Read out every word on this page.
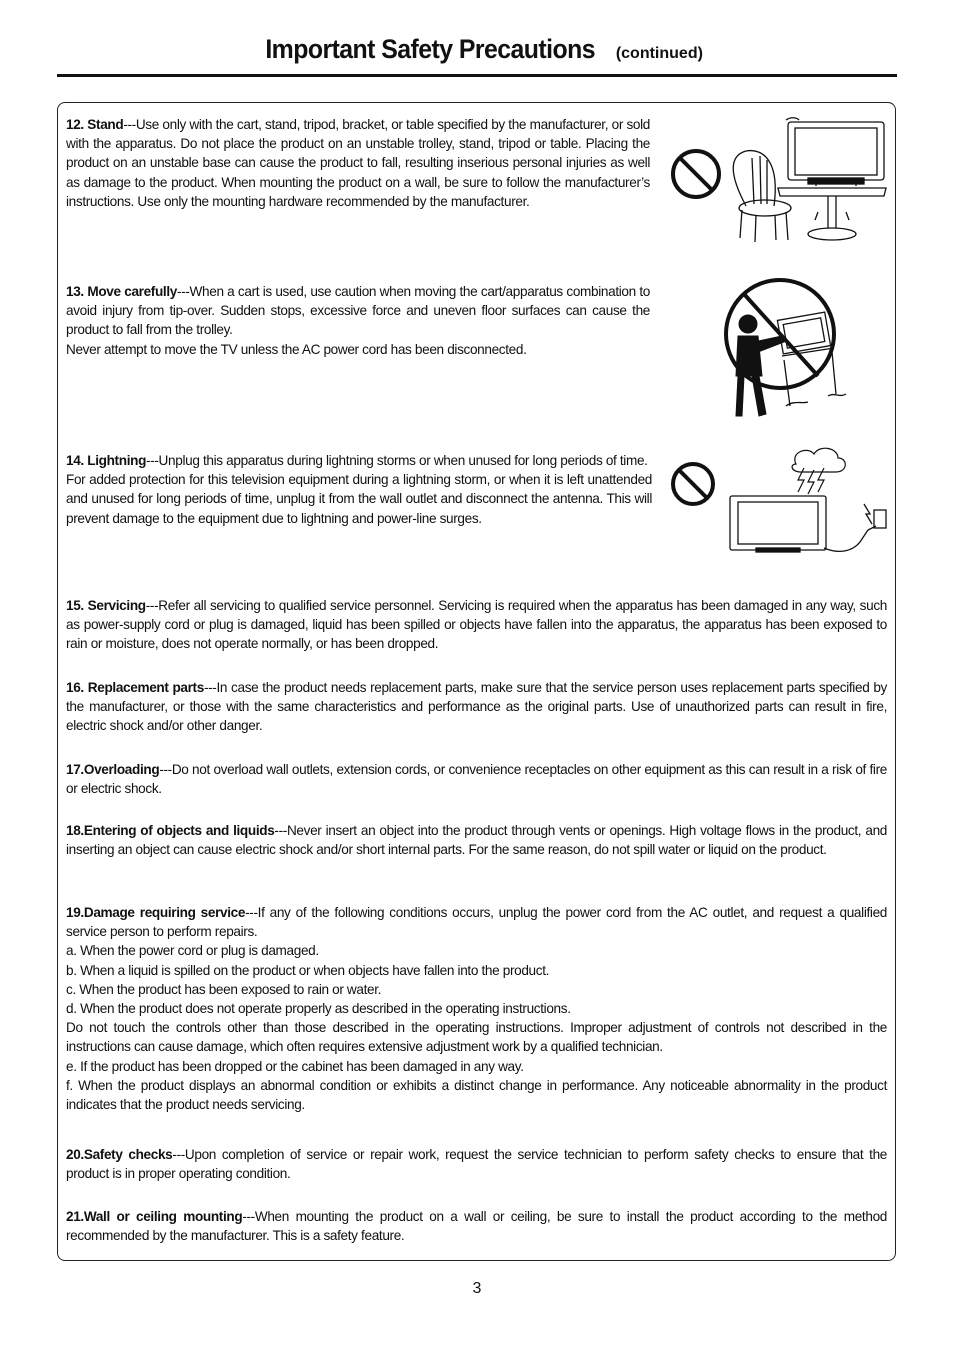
Important Safety Precautions (continued)

12. Stand---Use only with the cart, stand, tripod, bracket, or table specified by the manufacturer, or sold with the apparatus. Do not place the product on an unstable trolley, stand, tripod or table. Placing the product on an unstable base can cause the product to fall, resulting inserious personal injuries as well as damage to the product. When mounting the product on a wall, be sure to follow the manufacturer’s instructions. Use only the mounting hardware recommended by the manufacturer.

13. Move carefully---When a cart is used, use caution when moving the cart/apparatus combination to avoid injury from tip-over. Sudden stops, excessive force and uneven floor surfaces can cause the product to fall from the trolley.

Never attempt to move the TV unless the AC power cord has been disconnected.

14. Lightning---Unplug this apparatus during lightning storms or when unused for long periods of time.

For added protection for this television equipment during a lightning storm, or when it is left unattended and unused for long periods of time, unplug it from the wall outlet and disconnect the antenna. This will prevent damage to the equipment due to lightning and power-line surges.

15. Servicing---Refer all servicing to qualified service personnel. Servicing is required when the apparatus has been damaged in any way, such as power-supply cord or plug is damaged, liquid has been spilled or objects have fallen into the apparatus, the apparatus has been exposed to rain or moisture, does not operate normally, or has been dropped.

16. Replacement parts---In case the product needs replacement parts, make sure that the service person uses replacement parts specified by the manufacturer, or those with the same characteristics and performance as the original parts. Use of unauthorized parts can result in fire, electric shock and/or other danger.

17.Overloading---Do not overload wall outlets, extension cords, or convenience receptacles on other equipment as this can result in a risk of fire or electric shock.

18.Entering of objects and liquids---Never insert an object into the product through vents or openings. High voltage flows in the product, and inserting an object can cause electric shock and/or short internal parts. For the same reason, do not spill water or liquid on the product.

19.Damage requiring service---If any of the following conditions occurs, unplug the power cord from the AC outlet, and request a qualified service person to perform repairs.

a. When the power cord or plug is damaged.

b. When a liquid is spilled on the product or when objects have fallen into the product.

c. When the product has been exposed to rain or water.

d. When the product does not operate properly as described in the operating instructions.

Do not touch the controls other than those described in the operating instructions. Improper adjustment of controls not described in the instructions can cause damage, which often requires extensive adjustment work by a qualified technician.

e. If the product has been dropped or the cabinet has been damaged in any way.

f. When the product displays an abnormal condition or exhibits a distinct change in performance. Any noticeable abnormality in the product indicates that the product needs servicing.

20.Safety checks---Upon completion of service or repair work, request the service technician to perform safety checks to ensure that the product is in proper operating condition.

21.Wall or ceiling mounting---When mounting the product on a wall or ceiling, be sure to install the product according to the method recommended by the manufacturer. This is a safety feature.

3
